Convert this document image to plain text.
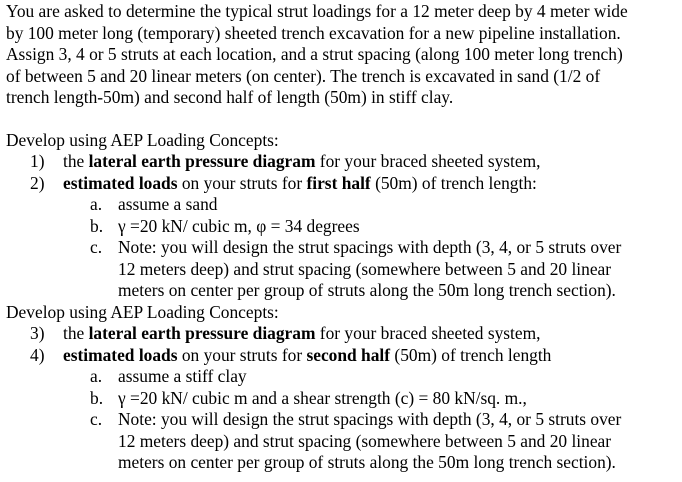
You are asked to determine the typical strut loadings for a 12 meter deep by 4 meter wide
by 100 meter long (temporary) sheeted trench excavation for a new pipeline installation.
Assign 3, 4 or 5 struts at each location, and a strut spacing (along 100 meter long trench)
of between 5 and 20 linear meters (on center). The trench is excavated in sand (1/2 of
trench length-50m) and second half of length (50m) in stiff clay.
Develop using AEP Loading Concepts:
1) the lateral earth pressure diagram for your braced sheeted system,
2) estimated loads on your struts for first half (50m) of trench length:
a. assume a sand
b. γ =20 kN/ cubic m, φ = 34 degrees
c. Note: you will design the strut spacings with depth (3, 4, or 5 struts over
12 meters deep) and strut spacing (somewhere between 5 and 20 linear
meters on center per group of struts along the 50m long trench section).
Develop using AEP Loading Concepts:
3) the lateral earth pressure diagram for your braced sheeted system,
4) estimated loads on your struts for second half (50m) of trench length
a. assume a stiff clay
b. γ =20 kN/ cubic m and a shear strength (c) = 80 kN/sq. m.,
c. Note: you will design the strut spacings with depth (3, 4, or 5 struts over
12 meters deep) and strut spacing (somewhere between 5 and 20 linear
meters on center per group of struts along the 50m long trench section).
